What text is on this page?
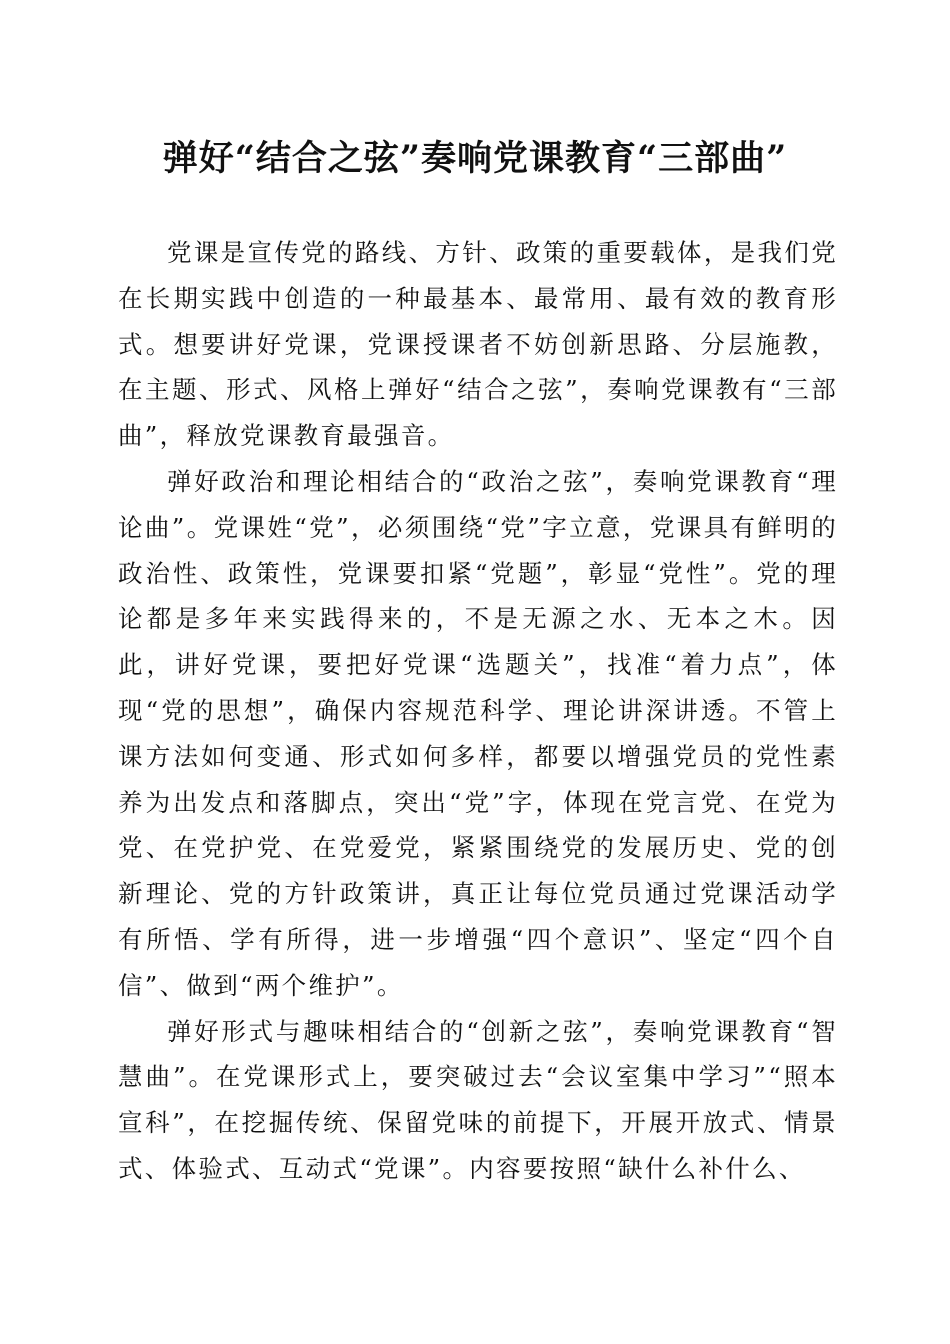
弹好“结合之弦”奏响党课教育“三部曲”

党课是宣传党的路线、方针、政策的重要载体，是我们党在长期实践中创造的一种最基本、最常用、最有效的教育形式。想要讲好党课，党课授课者不妨创新思路、分层施教，在主题、形式、风格上弹好“结合之弦”，奏响党课教有“三部曲”，释放党课教育最强音。

弹好政治和理论相结合的“政治之弦”，奏响党课教育“理论曲”。党课姓“党”，必须围绕“党”字立意，党课具有鲜明的政治性、政策性，党课要扣紧“党题”，彰显“党性”。党的理论都是多年来实践得来的，不是无源之水、无本之木。因此，讲好党课，要把好党课“选题关”，找准“着力点”，体现“党的思想”，确保内容规范科学、理论讲深讲透。不管上课方法如何变通、形式如何多样，都要以增强党员的党性素养为出发点和落脚点，突出“党”字，体现在党言党、在党为党、在党护党、在党爱党，紧紧围绕党的发展历史、党的创新理论、党的方针政策讲，真正让每位党员通过党课活动学有所悟、学有所得，进一步增强“四个意识”、坚定“四个自信”、做到“两个维护”。

弹好形式与趣味相结合的“创新之弦”，奏响党课教育“智慧曲”。在党课形式上，要突破过去“会议室集中学习”“照本宣科”，在挖掘传统、保留党味的前提下，开展开放式、情景式、体验式、互动式“党课”。内容要按照“缺什么补什么、
